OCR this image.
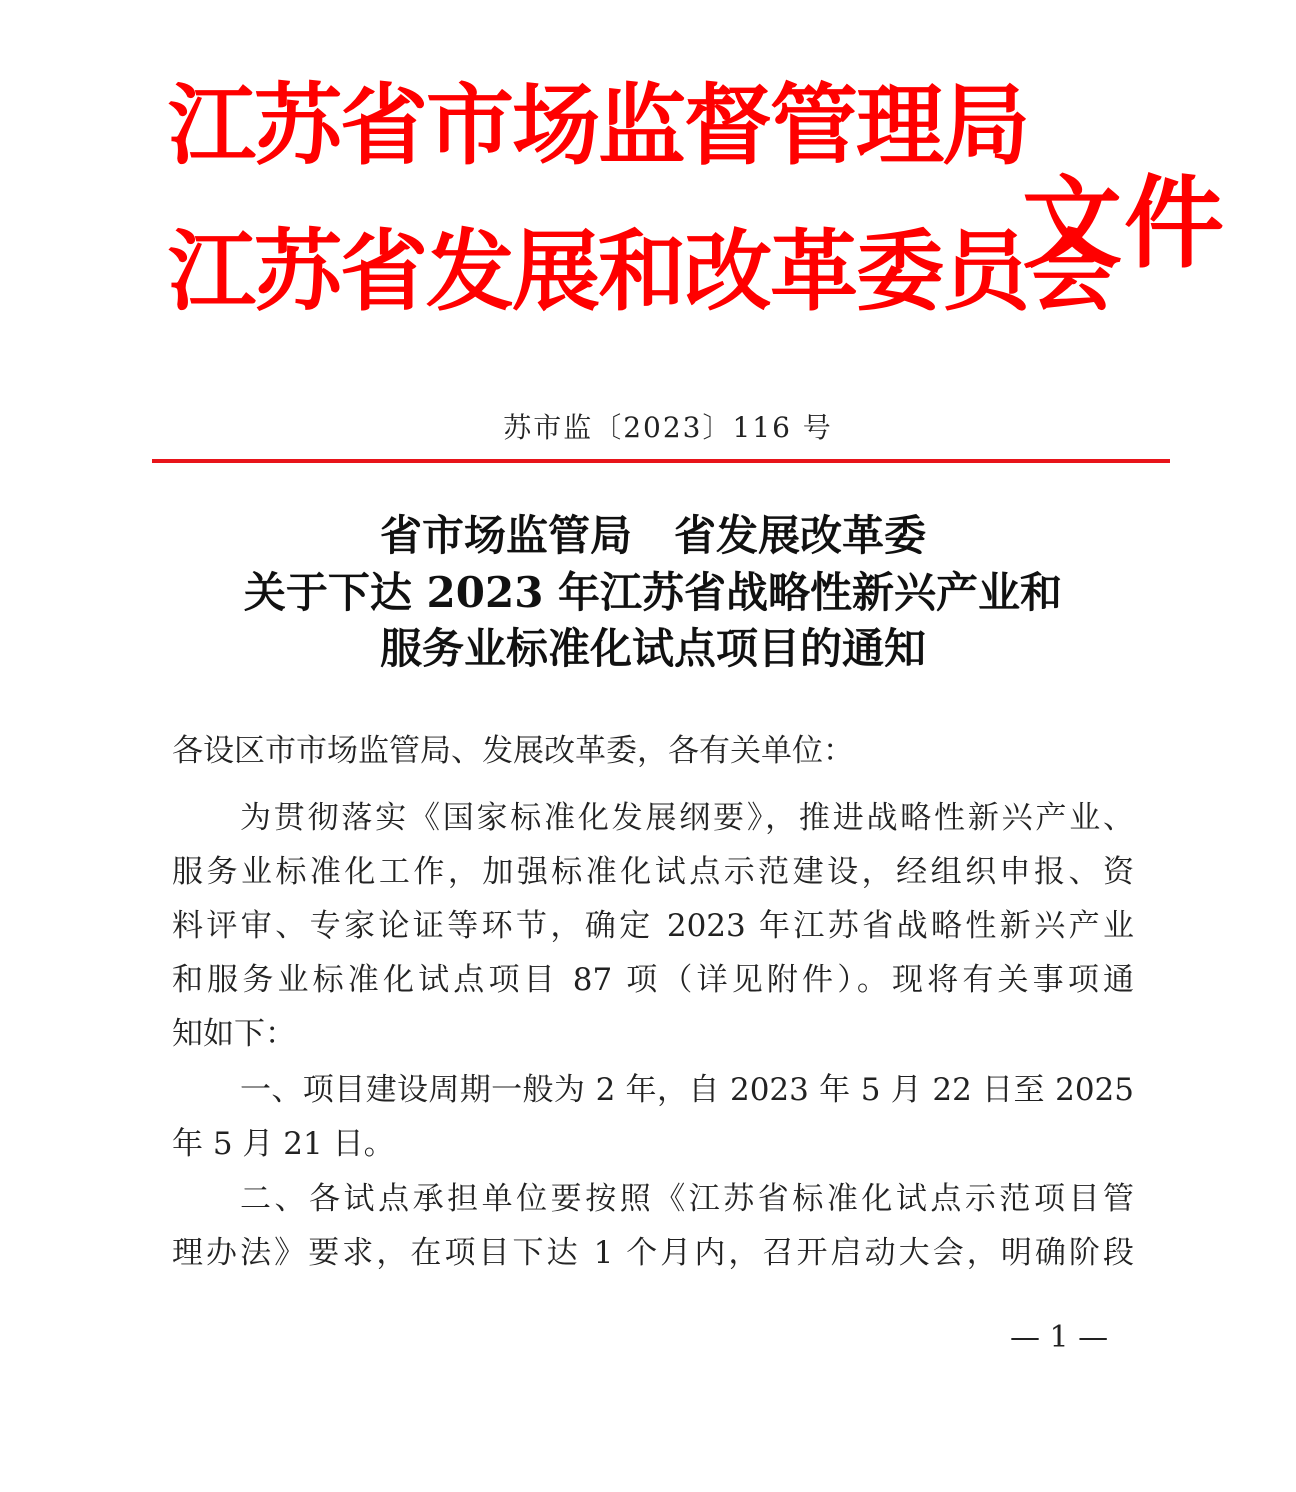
江苏省市场监督管理局
江苏省发展和改革委员会
文件
苏市监〔2023〕116 号
省市场监管局　省发展改革委
关于下达 2023 年江苏省战略性新兴产业和
服务业标准化试点项目的通知
各设区市市场监管局、发展改革委，各有关单位：
为贯彻落实《国家标准化发展纲要》，推进战略性新兴产业、
服务业标准化工作，加强标准化试点示范建设，经组织申报、资
料评审、专家论证等环节，确定 2023 年江苏省战略性新兴产业
和服务业标准化试点项目 87 项（详见附件）。现将有关事项通
知如下：
一、项目建设周期一般为 2 年，自 2023 年 5 月 22 日至 2025
年 5 月 21 日。
二、各试点承担单位要按照《江苏省标准化试点示范项目管
理办法》要求，在项目下达 1 个月内，召开启动大会，明确阶段
— 1 —
